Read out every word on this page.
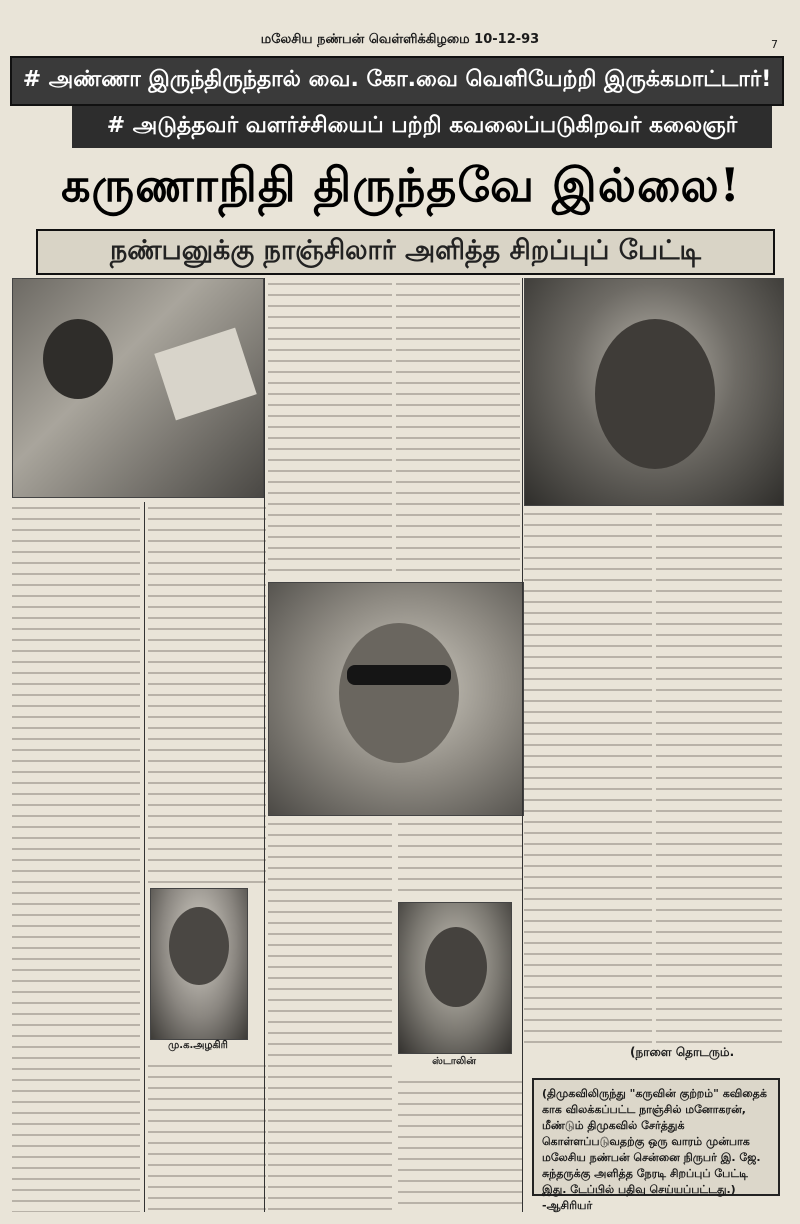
மலேசிய நண்பன் வெள்ளிக்கிழமை 10-12-93	7
# அண்ணா இருந்திருந்தால் வை. கோ.வை வெளியேற்றி இருக்கமாட்டார்!
# அடுத்தவர் வளர்ச்சியைப் பற்றி கவலைப்படுகிறவர் கலைஞர்
கருணாநிதி திருந்தவே இல்லை!
நண்பனுக்கு நாஞ்சிலார் அளித்த சிறப்புப் பேட்டி
மு.க.அழகிரி
ஸ்டாலின்
(நாளை தொடரும்.
(திமுகவிலிருந்து "கருவின் குற்றம்" கவிதைக் காக விலக்கப்பட்ட நாஞ்சில் மனோகரன், மீண்டும் திமுகவில் சேர்த்துக் கொள்ளப்படுவதற்கு ஒரு வாரம் முன்பாக மலேசிய நண்பன் சென்னை நிருபர் இ. ஜே. சுந்தருக்கு அளித்த நேரடி சிறப்புப் பேட்டி இது. டேப்பில் பதிவு செய்யப்பட்டது.) -ஆசிரியர்
